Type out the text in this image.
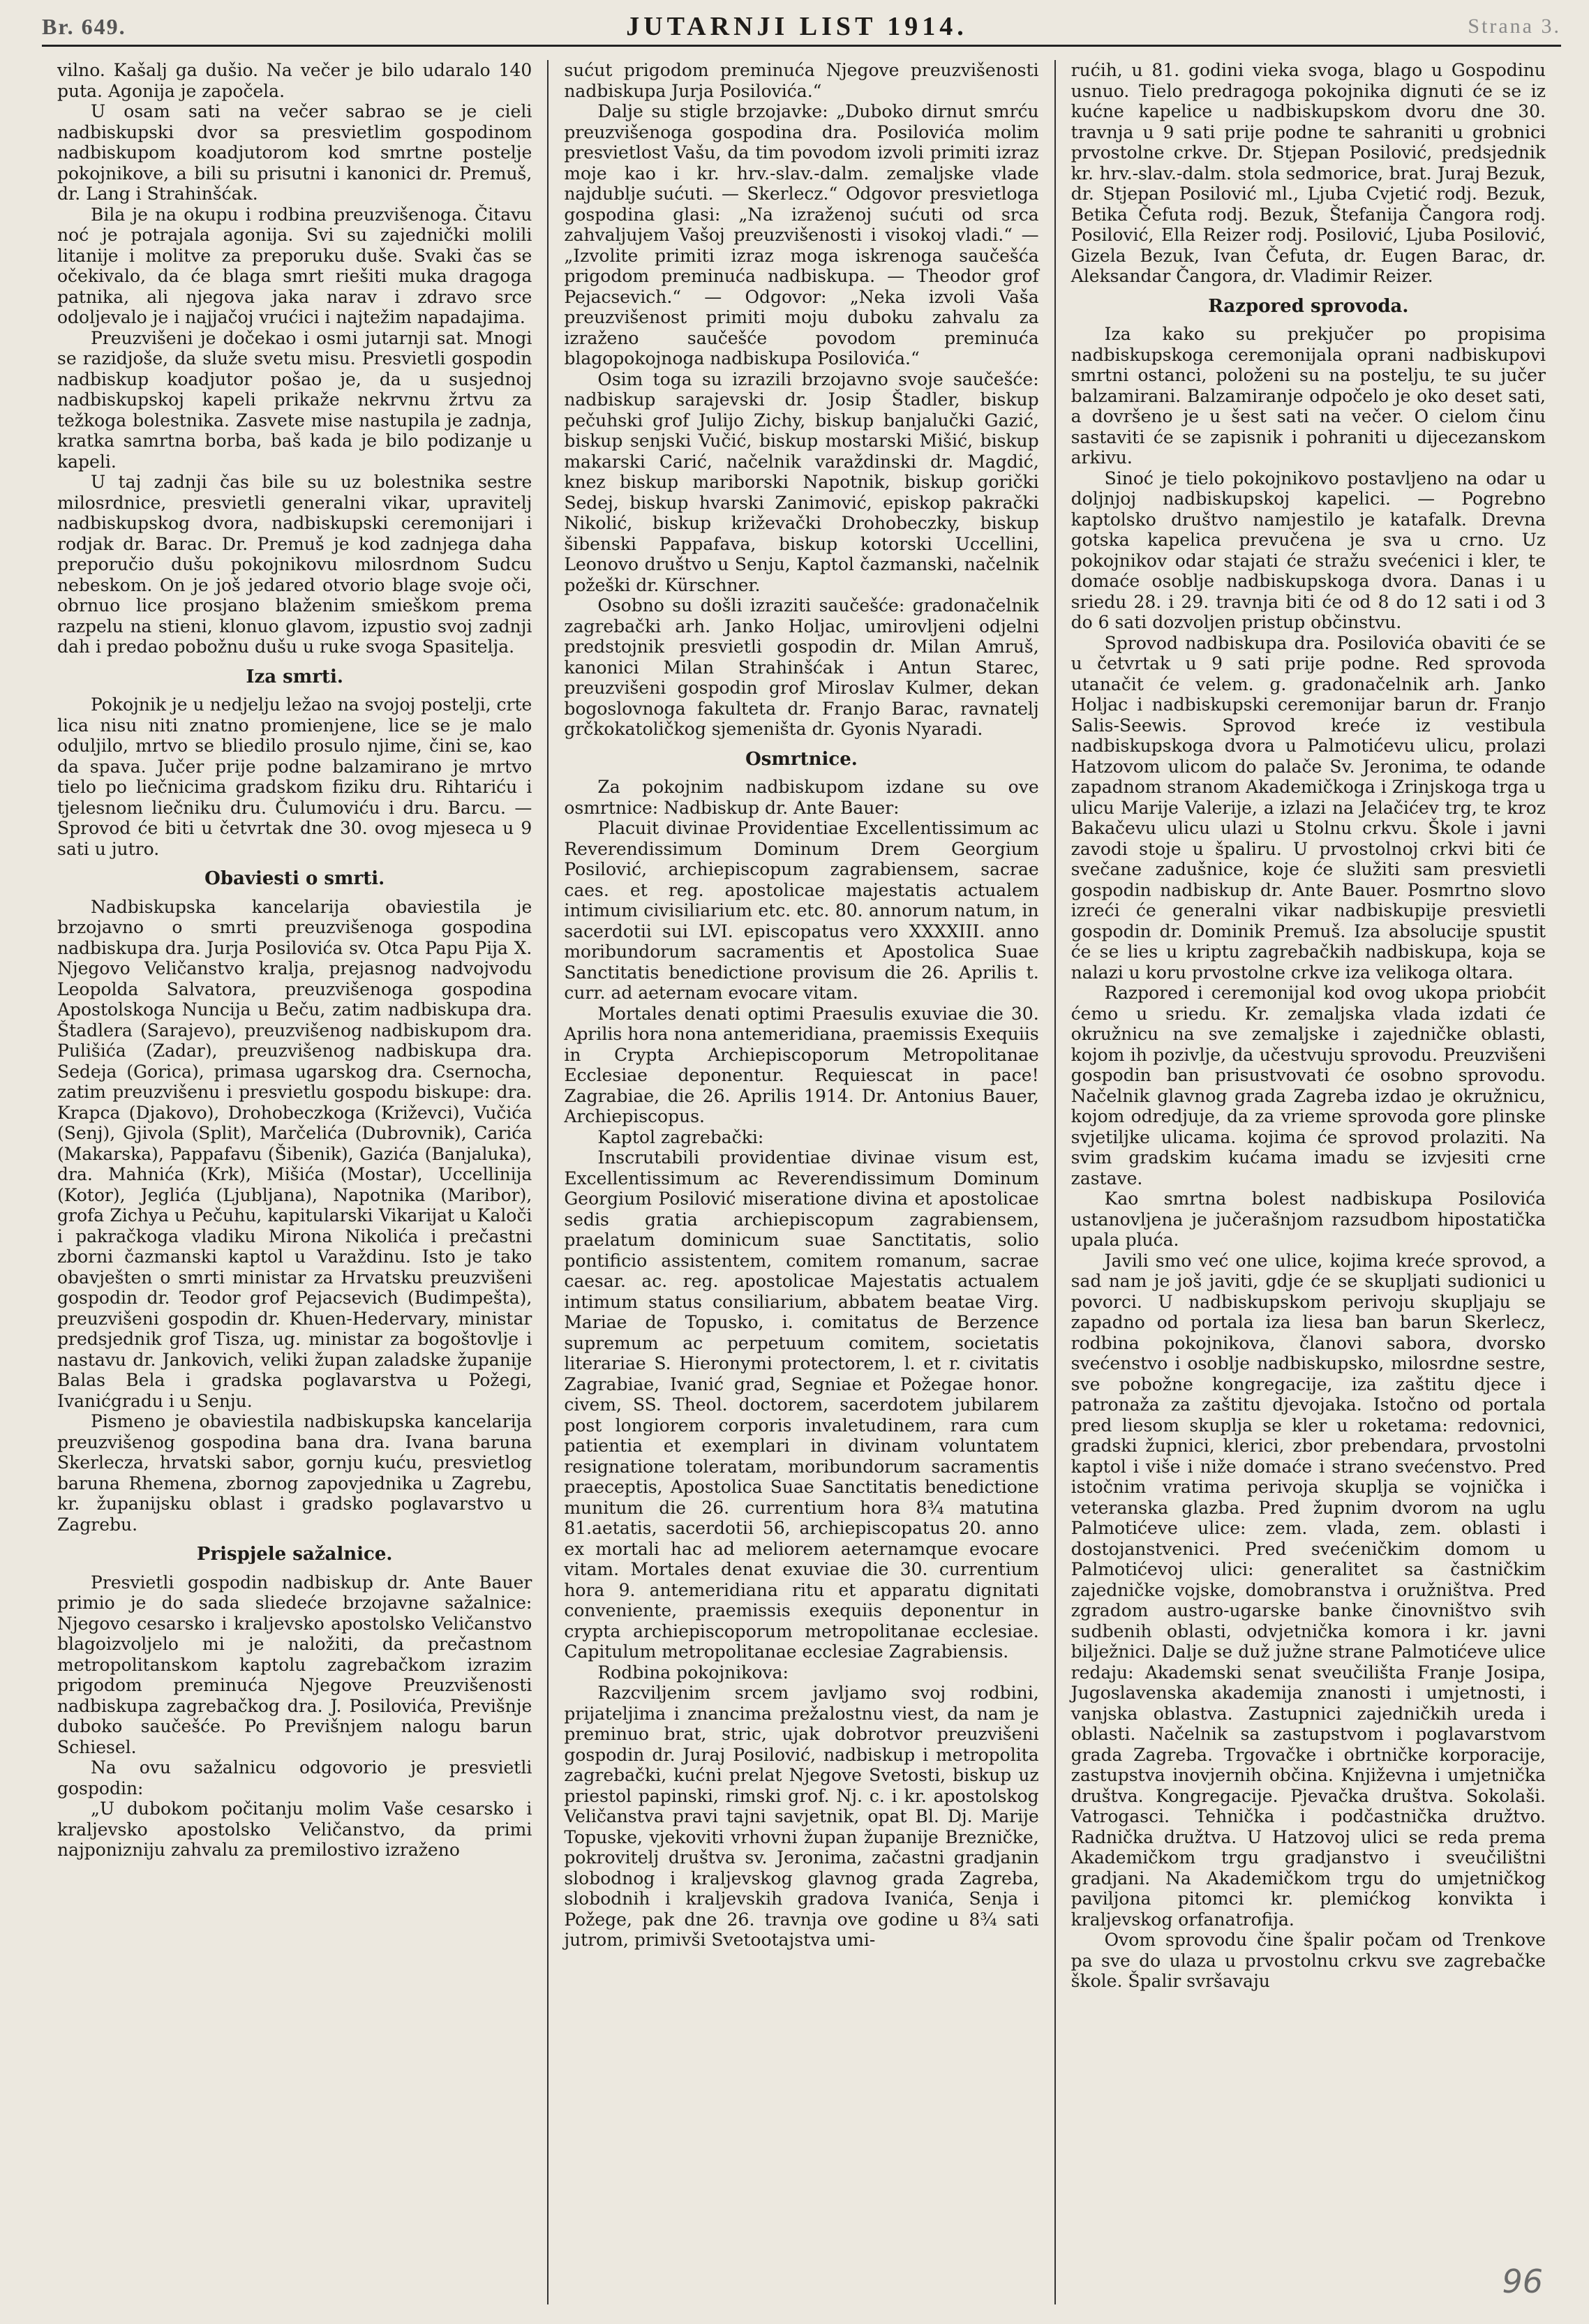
Br. 649.	JUTARNJI LIST 1914.	Strana 3.

vilno. Kašalj ga dušio. Na večer je bilo udaralo 140 puta. Agonija je započela.

U osam sati na večer sabrao se je cieli nadbiskupski dvor sa presvietlim gospodinom nadbiskupom koadjutorom kod smrtne postelje pokojnikove, a bili su prisutni i kanonici dr. Premuš, dr. Lang i Strahinšćak.

Bila je na okupu i rodbina preuzvišenoga. Čitavu noć je potrajala agonija. Svi su zajednički molili litanije i molitve za preporuku duše. Svaki čas se očekivalo, da će blaga smrt riešiti muka dragoga patnika, ali njegova jaka narav i zdravo srce odoljevalo je i najjačoj vrućici i najtežim napadajima.

Preuzvišeni je dočekao i osmi jutarnji sat. Mnogi se razidjoše, da služe svetu misu. Presvietli gospodin nadbiskup koadjutor pošao je, da u susjednoj nadbiskupskoj kapeli prikaže nekrvnu žrtvu za težkoga bolestnika. Zasvete mise nastupila je zadnja, kratka samrtna borba, baš kada je bilo podizanje u kapeli.

U taj zadnji čas bile su uz bolestnika sestre milosrdnice, presvietli generalni vikar, upravitelj nadbiskupskog dvora, nadbiskupski ceremonijari i rodjak dr. Barac. Dr. Premuš je kod zadnjega daha preporučio dušu pokojnikovu milosrdnom Sudcu nebeskom. On je još jedared otvorio blage svoje oči, obrnuo lice prosjano blaženim smieškom prema razpelu na stieni, klonuo glavom, izpustio svoj zadnji dah i predao pobožnu dušu u ruke svoga Spasitelja.

Iza smrti.

Pokojnik je u nedjelju ležao na svojoj postelji, crte lica nisu niti znatno promienjene, lice se je malo odulјilo, mrtvo se bliedilo prosulo njime, čini se, kao da spava. Jučer prije podne balzamirano je mrtvo tielo po liečnicima gradskom fiziku dru. Rihtariću i tjelesnom liečniku dru. Čulumoviću i dru. Barcu. — Sprovod će biti u četvrtak dne 30. ovog mjeseca u 9 sati u jutro.

Obaviesti o smrti.

Nadbiskupska kancelarija obaviestila je brzojavno o smrti preuzvišenoga gospodina nadbiskupa dra. Jurja Posilovića sv. Otca Papu Pija X. Njegovo Veličanstvo kralja, prejasnog nadvojvodu Leopolda Salvatora, preuzvišenoga gospodina Apostolskoga Nuncija u Beču, zatim nadbiskupa dra. Štadlera (Sarajevo), preuzvišenog nadbiskupom dra. Pulišića (Zadar), preuzvišenog nadbiskupa dra. Sedeja (Gorica), primasa ugarskog dra. Csernocha, zatim preuzvišenu i presvietlu gospodu biskupe: dra. Krapca (Djakovo), Drohobeczkoga (Križevci), Vučića (Senj), Gjivola (Split), Marčelića (Dubrovnik), Carića (Makarska), Pappafavu (Šibenik), Gazića (Banjaluka), dra. Mahnića (Krk), Mišića (Mostar), Uccellinija (Kotor), Jeglića (Ljubljana), Napotnika (Maribor), grofa Zichya u Pečuhu, kapitularski Vikarijat u Kaloči i pakračkoga vladiku Mirona Nikolića i prečastni zborni čazmanski kaptol u Varaždinu. Isto je tako obavješten o smrti ministar za Hrvatsku preuzvišeni gospodin dr. Teodor grof Pejacsevich (Budimpešta), preuzvišeni gospodin dr. Khuen-Hedervary, ministar predsjednik grof Tisza, ug. ministar za bogoštovlje i nastavu dr. Jankovich, veliki župan zaladske županije Balas Bela i gradska poglavarstva u Požegi, Ivanićgradu i u Senju.

Pismeno je obaviestila nadbiskupska kancelarija preuzvišenog gospodina bana dra. Ivana baruna Skerlecza, hrvatski sabor, gornju kuću, presvietlog baruna Rhemena, zbornog zapovjednika u Zagrebu, kr. županijsku oblast i gradsko poglavarstvo u Zagrebu.

Prispjele sažalnice.

Presvietli gospodin nadbiskup dr. Ante Bauer primio je do sada sliedeće brzojavne sažalnice: Njegovo cesarsko i kraljevsko apostolsko Veličanstvo blagoizvoljelo mi je naložiti, da prečastnom metropolitanskom kaptolu zagrebačkom izrazim prigodom preminuća Njegove Preuzvišenosti nadbiskupa zagrebačkog dra. J. Posilovića, Previšnje duboko saučešće. Po Previšnjem nalogu barun Schiesel.

Na ovu sažalnicu odgovorio je presvietli gospodin:

„U dubokom počitanju molim Vaše cesarsko i kraljevsko apostolsko Veličanstvo, da primi najponizniju zahvalu za premilostivo izraženo

sućut prigodom preminuća Njegove preuzvišenosti nadbiskupa Jurja Posilovića.“

Dalje su stigle brzojavke: „Duboko dirnut smrću preuzvišenoga gospodina dra. Posilovića molim presvietlost Vašu, da tim povodom izvoli primiti izraz moje kao i kr. hrv.-slav.-dalm. zemaljske vlade najdublje sućuti. — Skerlecz.“ Odgovor presvietloga gospodina glasi: „Na izraženoj sućuti od srca zahvaljujem Vašoj preuzvišenosti i visokoj vladi.“ — „Izvolite primiti izraz moga iskrenoga saučešća prigodom preminuća nadbiskupa. — Theodor grof Pejacsevich.“ — Odgovor: „Neka izvoli Vaša preuzvišenost primiti moju duboku zahvalu za izraženo saučešće povodom preminuća blagopokojnoga nadbiskupa Posilovića.“

Osim toga su izrazili brzojavno svoje saučešće: nadbiskup sarajevski dr. Josip Štadler, biskup pečuhski grof Julijo Zichy, biskup banjalučki Gazić, biskup senjski Vučić, biskup mostarski Mišić, biskup makarski Carić, načelnik varaždinski dr. Magdić, knez biskup mariborski Napotnik, biskup gorički Sedej, biskup hvarski Zanimović, episkop pakrački Nikolić, biskup križevački Drohobeczky, biskup šibenski Pappafava, biskup kotorski Uccellini, Leonovo društvo u Senju, Kaptol čazmanski, načelnik požeški dr. Kürschner.

Osobno su došli izraziti saučešće: gradonačelnik zagrebački arh. Janko Holjac, umirovljeni odjelni predstojnik presvietli gospodin dr. Milan Amruš, kanonici Milan Strahinšćak i Antun Starec, preuzvišeni gospodin grof Miroslav Kulmer, dekan bogoslovnoga fakulteta dr. Franjo Barac, ravnatelj grčkokatoličkog sjemeništa dr. Gyonis Nyaradi.

Osmrtnice.

Za pokojnim nadbiskupom izdane su ove osmrtnice: Nadbiskup dr. Ante Bauer:

Placuit divinae Providentiae Excellentissimum ac Reverendissimum Dominum Drem Georgium Posilović, archiepiscopum zagrabiensem, sacrae caes. et reg. apostolicae majestatis actualem intimum civisiliarium etc. etc. 80. annorum natum, in sacerdotii sui LVI. episcopatus vero XXXXIII. anno moribundorum sacramentis et Apostolica Suae Sanctitatis benedictione provisum die 26. Aprilis t. curr. ad aeternam evocare vitam.

Mortales denati optimi Praesulis exuviae die 30. Aprilis hora nona antemeridiana, praemissis Exequiis in Crypta Archiepiscoporum Metropolitanae Ecclesiae deponentur. Requiescat in pace! Zagrabiae, die 26. Aprilis 1914. Dr. Antonius Bauer, Archiepiscopus.

Kaptol zagrebački:

Inscrutabili providentiae divinae visum est, Excellentissimum ac Reverendissimum Dominum Georgium Posilović miseratione divina et apostolicae sedis gratia archiepiscopum zagrabiensem, praelatum dominicum suae Sanctitatis, solio pontificio assistentem, comitem romanum, sacrae caesar. ac. reg. apostolicae Majestatis actualem intimum status consiliarium, abbatem beatae Virg. Mariae de Topusko, i. comitatus de Berzence supremum ac perpetuum comitem, societatis literariae S. Hieronymi protectorem, l. et r. civitatis Zagrabiae, Ivanić grad, Segniae et Požegae honor. civem, SS. Theol. doctorem, sacerdotem jubilarem post longiorem corporis invaletudinem, rara cum patientia et exemplari in divinam voluntatem resignatione toleratam, moribundorum sacramentis praeceptis, Apostolica Suae Sanctitatis benedictione munitum die 26. currentium hora 8¾ matutina 81.aetatis, sacerdotii 56, archiepiscopatus 20. anno ex mortali hac ad meliorem aeternamque evocare vitam. Mortales denat exuviae die 30. currentium hora 9. antemeridiana ritu et apparatu dignitati conveniente, praemissis exequiis deponentur in crypta archiepiscoporum metropolitanae ecclesiae. Capitulum metropolitanae ecclesiae Zagrabiensis.

Rodbina pokojnikova:

Razcviljenim srcem javljamo svoj rodbini, prijateljima i znancima prežalostnu viest, da nam je preminuo brat, stric, ujak dobrotvor preuzvišeni gospodin dr. Juraj Posilović, nadbiskup i metropolita zagrebački, kućni prelat Njegove Svetosti, biskup uz priestol papinski, rimski grof. Nj. c. i kr. apostolskog Veličanstva pravi tajni savjetnik, opat Bl. Dj. Marije Topuske, vjekoviti vrhovni župan županije Brezničke, pokrovitelj društva sv. Jeronima, začastni gradjanin slobodnog i kraljevskog glavnog grada Zagreba, slobodnih i kraljevskih gradova Ivanića, Senja i Požege, pak dne 26. travnja ove godine u 8¾ sati jutrom, primivši Svetootajstva umi-

rućih, u 81. godini vieka svoga, blago u Gospodinu usnuo. Tielo predragoga pokojnika dignuti će se iz kućne kapelice u nadbiskupskom dvoru dne 30. travnja u 9 sati prije podne te sahraniti u grobnici prvostolne crkve. Dr. Stjepan Posilović, predsjednik kr. hrv.-slav.-dalm. stola sedmorice, brat. Juraj Bezuk, dr. Stjepan Posilović ml., Ljuba Cvjetić rodj. Bezuk, Betika Čefuta rodj. Bezuk, Štefanija Čangora rodj. Posilović, Ella Reizer rodj. Posilović, Ljuba Posilović, Gizela Bezuk, Ivan Čefuta, dr. Eugen Barac, dr. Aleksandar Čangora, dr. Vladimir Reizer.

Razpored sprovoda.

Iza kako su prekjučer po propisima nadbiskupskoga ceremonijala oprani nadbiskupovi smrtni ostanci, položeni su na postelju, te su jučer balzamirani. Balzamiranje odpočelo je oko deset sati, a dovršeno je u šest sati na večer. O cielom činu sastaviti će se zapisnik i pohraniti u dijecezanskom arkivu.

Sinoć je tielo pokojnikovo postavljeno na odar u doljnjoj nadbiskupskoj kapelici. — Pogrebno kaptolsko društvo namjestilo je katafalk. Drevna gotska kapelica prevučena je sva u crno. Uz pokojnikov odar stajati će stražu svećenici i kler, te domaće osoblje nadbiskupskoga dvora. Danas i u sriedu 28. i 29. travnja biti će od 8 do 12 sati i od 3 do 6 sati dozvoljen pristup občinstvu.

Sprovod nadbiskupa dra. Posilovića obaviti će se u četvrtak u 9 sati prije podne. Red sprovoda utanačit će velem. g. gradonačelnik arh. Janko Holjac i nadbiskupski ceremonijar barun dr. Franjo Salis-Seewis. Sprovod kreće iz vestibula nadbiskupskoga dvora u Palmotićevu ulicu, prolazi Hatzovom ulicom do palače Sv. Jeronima, te odande zapadnom stranom Akademičkoga i Zrinjskoga trga u ulicu Marije Valerije, a izlazi na Jelačićev trg, te kroz Bakačevu ulicu ulazi u Stolnu crkvu. Škole i javni zavodi stoje u špaliru. U prvostolnoj crkvi biti će svečane zadušnice, koje će služiti sam presvietli gospodin nadbiskup dr. Ante Bauer. Posmrtno slovo izreći će generalni vikar nadbiskupije presvietli gospodin dr. Dominik Premuš. Iza absolucije spustit će se lies u kriptu zagrebačkih nadbiskupa, koja se nalazi u koru prvostolne crkve iza velikoga oltara.

Razpored i ceremonijal kod ovog ukopa priobćit ćemo u sriedu. Kr. zemaljska vlada izdati će okružnicu na sve zemaljske i zajedničke oblasti, kojom ih pozivlje, da učestvuju sprovodu. Preuzvišeni gospodin ban prisustvovati će osobno sprovodu. Načelnik glavnog grada Zagreba izdao je okružnicu, kojom odredjuje, da za vrieme sprovoda gore plinske svjetiljke ulicama. kojima će sprovod prolaziti. Na svim gradskim kućama imadu se izvjesiti crne zastave.

Kao smrtna bolest nadbiskupa Posilovića ustanovljena je jučerašnjom razsudbom hipostatička upala pluća.

Javili smo već one ulice, kojima kreće sprovod, a sad nam je još javiti, gdje će se skupljati sudionici u povorci. U nadbiskupskom perivoju skupljaju se zapadno od portala iza liesa ban barun Skerlecz, rodbina pokojnikova, članovi sabora, dvorsko svećenstvo i osoblje nadbiskupsko, milosrdne sestre, sve pobožne kongregacije, iza zaštitu djece i patronaža za zaštitu djevojaka. Istočno od portala pred liesom skuplja se kler u roketama: redovnici, gradski župnici, klerici, zbor prebendara, prvostolni kaptol i više i niže domaće i strano svećenstvo. Pred istočnim vratima perivoja skuplja se vojnička i veteranska glazba. Pred župnim dvorom na uglu Palmotićeve ulice: zem. vlada, zem. oblasti i dostojanstvenici. Pred svećeničkim domom u Palmotićevoj ulici: generalitet sa častničkim zajedničke vojske, domobranstva i oružništva. Pred zgradom austro-ugarske banke činovništvo svih sudbenih oblasti, odvjetnička komora i kr. javni bilježnici. Dalje se duž južne strane Palmotićeve ulice redaju: Akademski senat sveučilišta Franje Josipa, Jugoslavenska akademija znanosti i umjetnosti, i vanjska oblastva. Zastupnici zajedničkih ureda i oblasti. Načelnik sa zastupstvom i poglavarstvom grada Zagreba. Trgovačke i obrtničke korporacije, zastupstva inovjernih občina. Književna i umjetnička društva. Kongregacije. Pjevačka društva. Sokolaši. Vatrogasci. Tehnička i podčastnička družtvo. Radnička družtva. U Hatzovoj ulici se reda prema Akademičkom trgu gradjanstvo i sveučilištni gradjani. Na Akademičkom trgu do umjetničkog paviljona pitomci kr. plemićkog konvikta i kraljevskog orfanatrofija.

Ovom sprovodu čine špalir počam od Trenkove pa sve do ulaza u prvostolnu crkvu sve zagrebačke škole. Špalir svršavaju

96
